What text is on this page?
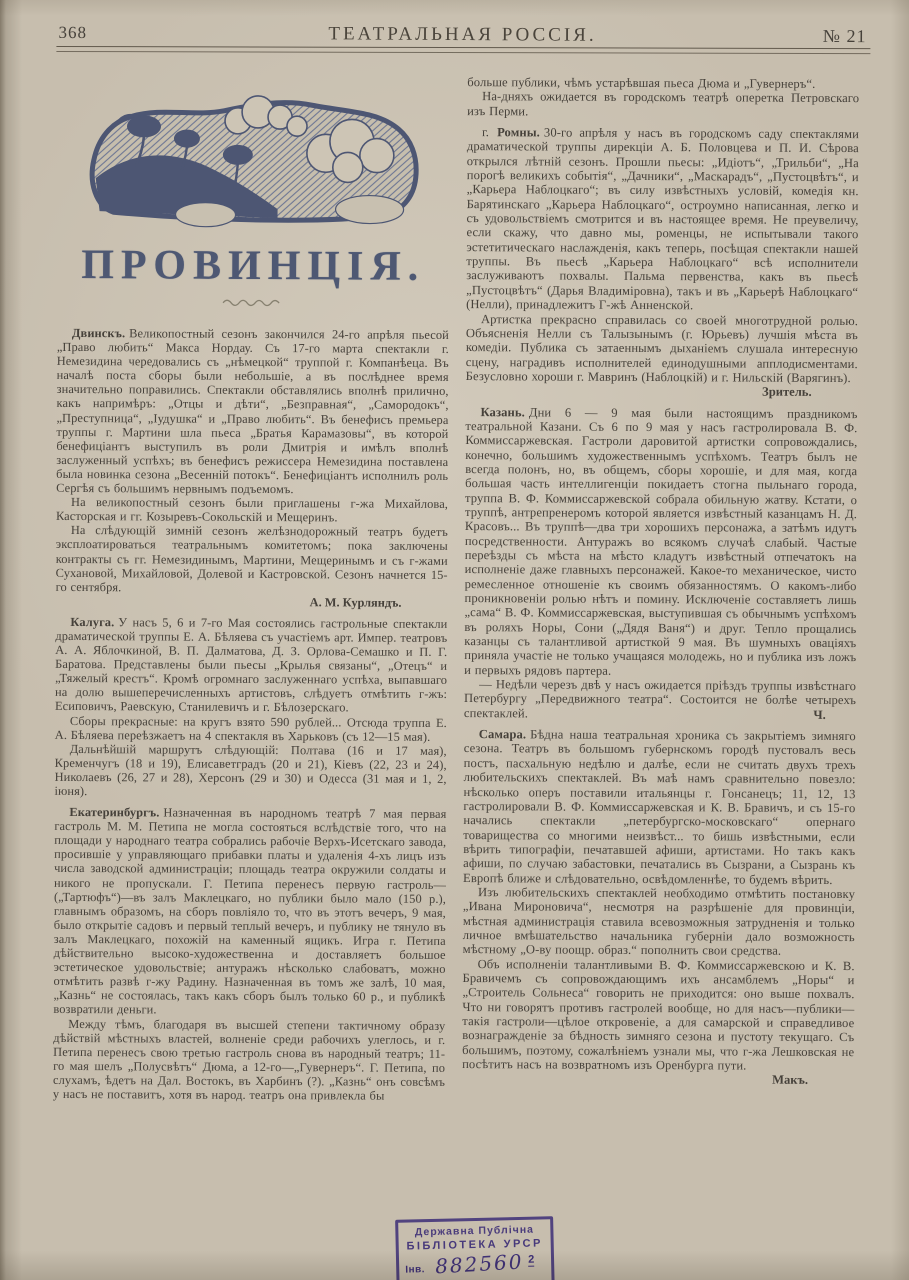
368	ТЕАТРАЛЬНАЯ РОССІЯ.	№ 21

ПРОВИНЦІЯ.

Двинскъ. Великопостный сезонъ закончился 24-го апрѣля пьесой „Право любить“ Макса Нордау. Съ 17-го марта спектакли г. Немезидина чередовались съ „нѣмецкой“ труппой г. Компанѣеца. Въ началѣ поста сборы были небольшіе, а въ послѣднее время значительно поправились. Спектакли обставлялись вполнѣ прилично, какъ напримѣръ: „Отцы и дѣти“, „Безправная“, „Самородокъ“, „Преступница“, „Іудушка“ и „Право любить“. Въ бенефисъ премьера труппы г. Мартини шла пьеса „Братья Карамазовы“, въ которой бенефиціантъ выступилъ въ роли Дмитрія и имѣлъ вполнѣ заслуженный успѣхъ; въ бенефисъ режиссера Немезидина поставлена была новинка сезона „Весенній потокъ“. Бенефиціантъ исполнилъ роль Сергѣя съ большимъ нервнымъ подъемомъ.

На великопостный сезонъ были приглашены г-жа Михайлова, Касторская и гг. Козыревъ-Сокольскій и Мещеринъ.

На слѣдующій зимній сезонъ желѣзнодорожный театръ будетъ эксплоатироваться театральнымъ комитетомъ; пока заключены контракты съ гг. Немезидинымъ, Мартини, Мещеринымъ и съ г-жами Сухановой, Михайловой, Долевой и Кастровской. Сезонъ начнется 15-го сентября.

А. М. Курляндъ.

Калуга. У насъ 5, 6 и 7-го Мая состоялись гастрольные спектакли драматической труппы Е. А. Бѣляева съ участіемъ арт. Импер. театровъ А. А. Яблочкиной, В. П. Далматова, Д. З. Орлова-Семашко и П. Г. Баратова. Представлены были пьесы „Крылья связаны“, „Отецъ“ и „Тяжелый крестъ“. Кромѣ огромнаго заслуженнаго успѣха, выпавшаго на долю вышеперечисленныхъ артистовъ, слѣдуетъ отмѣтить г-жъ: Есиповичъ, Раевскую, Станилевичъ и г. Бѣлозерскаго.

Сборы прекрасные: на кругъ взято 590 рублей... Отсюда труппа Е. А. Бѣляева переѣзжаетъ на 4 спектакля въ Харьковъ (съ 12—15 мая).

Дальнѣйшій маршрутъ слѣдующій: Полтава (16 и 17 мая), Кременчугъ (18 и 19), Елисаветградъ (20 и 21), Кіевъ (22, 23 и 24), Николаевъ (26, 27 и 28), Херсонъ (29 и 30) и Одесса (31 мая и 1, 2, іюня).

Екатеринбургъ. Назначенная въ народномъ театрѣ 7 мая первая гастроль М. М. Петипа не могла состояться вслѣдствіе того, что на площади у народнаго театра собрались рабочіе Верхъ-Исетскаго завода, просившіе у управляющаго прибавки платы и удаленія 4-хъ лицъ изъ числа заводской администраціи; площадь театра окружили солдаты и никого не пропускали. Г. Петипа перенесъ первую гастроль—(„Тартюфъ“)—въ залъ Маклецкаго, но публики было мало (150 р.), главнымъ образомъ, на сборъ повліяло то, что въ этотъ вечеръ, 9 мая, было открытіе садовъ и первый теплый вечеръ, и публику не тянуло въ залъ Маклецкаго, похожій на каменный ящикъ. Игра г. Петипа дѣйствительно высоко-художественна и доставляетъ большое эстетическое удовольствіе; антуражъ нѣсколько слабоватъ, можно отмѣтить развѣ г-жу Радину. Назначенная въ томъ же залѣ, 10 мая, „Казнь“ не состоялась, такъ какъ сборъ былъ только 60 р., и публикѣ возвратили деньги.

Между тѣмъ, благодаря въ высшей степени тактичному образу дѣйствій мѣстныхъ властей, волненіе среди рабочихъ улеглось, и г. Петипа перенесъ свою третью гастроль снова въ народный театръ; 11-го мая шелъ „Полусвѣтъ“ Дюма, а 12-го—„Гувернеръ“. Г. Петипа, по слухамъ, ѣдетъ на Дал. Востокъ, въ Харбинъ (?). „Казнь“ онъ совсѣмъ у насъ не поставитъ, хотя въ народ. театръ она привлекла бы

больше публики, чѣмъ устарѣвшая пьеса Дюма и „Гувернеръ“.

На-дняхъ ожидается въ городскомъ театрѣ оперетка Петровскаго изъ Перми.

г. Ромны. 30-го апрѣля у насъ въ городскомъ саду спектаклями драматической труппы дирекціи А. Б. Половцева и П. И. Сѣрова открылся лѣтній сезонъ. Прошли пьесы: „Идіотъ“, „Трильби“, „На порогѣ великихъ событія“, „Дачники“, „Маскарадъ“, „Пустоцвѣтъ“, и „Карьера Наблоцкаго“; въ силу извѣстныхъ условій, комедія кн. Барятинскаго „Карьера Наблоцкаго“, остроумно написанная, легко и съ удовольствіемъ смотрится и въ настоящее время. Не преувеличу, если скажу, что давно мы, роменцы, не испытывали такого эстетитическаго наслажденія, какъ теперь, посѣщая спектакли нашей труппы. Въ пьесѣ „Карьера Наблоцкаго“ всѣ исполнители заслуживаютъ похвалы. Пальма первенства, какъ въ пьесѣ „Пустоцвѣтъ“ (Дарья Владиміровна), такъ и въ „Карьерѣ Наблоцкаго“ (Нелли), принадлежитъ Г-жѣ Анненской.

Артистка прекрасно справилась со своей многотрудной ролью. Объясненія Нелли съ Талызынымъ (г. Юрьевъ) лучшія мѣста въ комедіи. Публика съ затаеннымъ дыханіемъ слушала интересную сцену, наградивъ исполнителей единодушными апплодисментами. Безусловно хороши г. Мавринъ (Наблоцкій) и г. Нильскій (Варягинъ).

Зритель.

Казань. Дни 6 — 9 мая были настоящимъ праздникомъ театральной Казани. Съ 6 по 9 мая у насъ гастролировала В. Ф. Коммиссаржевская. Гастроли даровитой артистки сопровождались, конечно, большимъ художественнымъ успѣхомъ. Театръ былъ не всегда полонъ, но, въ общемъ, сборы хорошіе, и для мая, когда большая часть интеллигенціи покидаетъ стогна пыльнаго города, труппа В. Ф. Коммиссаржевской собрала обильную жатву. Кстати, о труппѣ, антрепренеромъ которой является извѣстный казанцамъ Н. Д. Красовъ... Въ труппѣ—два три хорошихъ персонажа, а затѣмъ идутъ посредственности. Антуражъ во всякомъ случаѣ слабый. Частые переѣзды съ мѣста на мѣсто кладутъ извѣстный отпечатокъ на исполненіе даже главныхъ персонажей. Какое-то механическое, чисто ремесленное отношеніе къ своимъ обязанностямъ. О какомъ-либо проникновеніи ролью нѣтъ и помину. Исключеніе составляетъ лишь „сама“ В. Ф. Коммиссаржевская, выступившая съ обычнымъ успѣхомъ въ роляхъ Норы, Сони („Дядя Ваня“) и друг. Тепло прощались казанцы съ талантливой артисткой 9 мая. Въ шумныхъ оваціяхъ приняла участіе не только учащаяся молодежь, но и публика изъ ложъ и первыхъ рядовъ партера.

— Недѣли черезъ двѣ у насъ ожидается пріѣздъ труппы извѣстнаго Петербургу „Передвижного театра“. Состоится не болѣе четырехъ спектаклей.	Ч.

Самара. Бѣдна наша театральная хроника съ закрытіемъ зимняго сезона. Театръ въ большомъ губернскомъ городѣ пустовалъ весь постъ, пасхальную недѣлю и далѣе, если не считать двухъ трехъ любительскихъ спектаклей. Въ маѣ намъ сравнительно повезло: нѣсколько оперъ поставили итальянцы г. Гонсанецъ; 11, 12, 13 гастролировали В. Ф. Коммиссаржевская и К. В. Бравичъ, и съ 15-го начались спектакли „петербургско-московскаго“ опернаго товарищества со многими неизвѣст... то бишь извѣстными, если вѣрить типографіи, печатавшей афиши, артистами. Но такъ какъ афиши, по случаю забастовки, печатались въ Сызрани, а Сызрань къ Европѣ ближе и слѣдовательно, освѣдомленнѣе, то будемъ вѣрить.

Изъ любительскихъ спектаклей необходимо отмѣтить постановку „Ивана Мироновича“, несмотря на разрѣшеніе для провинціи, мѣстная администрація ставила всевозможныя затрудненія и только личное вмѣшательство начальника губерніи дало возможность мѣстному „О-ву поощр. образ.“ пополнить свои средства.

Объ исполненіи талантливыми В. Ф. Коммиссаржевскою и К. В. Бравичемъ съ сопровождающимъ ихъ ансамблемъ „Норы“ и „Строитель Сольнеса“ говорить не приходится: оно выше похвалъ. Что ни говорятъ противъ гастролей вообще, но для насъ—публики— такія гастроли—цѣлое откровеніе, а для самарской и справедливое вознагражденіе за бѣдность зимняго сезона и пустоту текущаго. Съ большимъ, поэтому, сожалѣніемъ узнали мы, что г-жа Лешковская не посѣтитъ насъ на возвратномъ изъ Оренбурга пути.

Макъ.

Державна Публічна
БІБЛІОТЕКА УРСР
Інв. 882560 2
